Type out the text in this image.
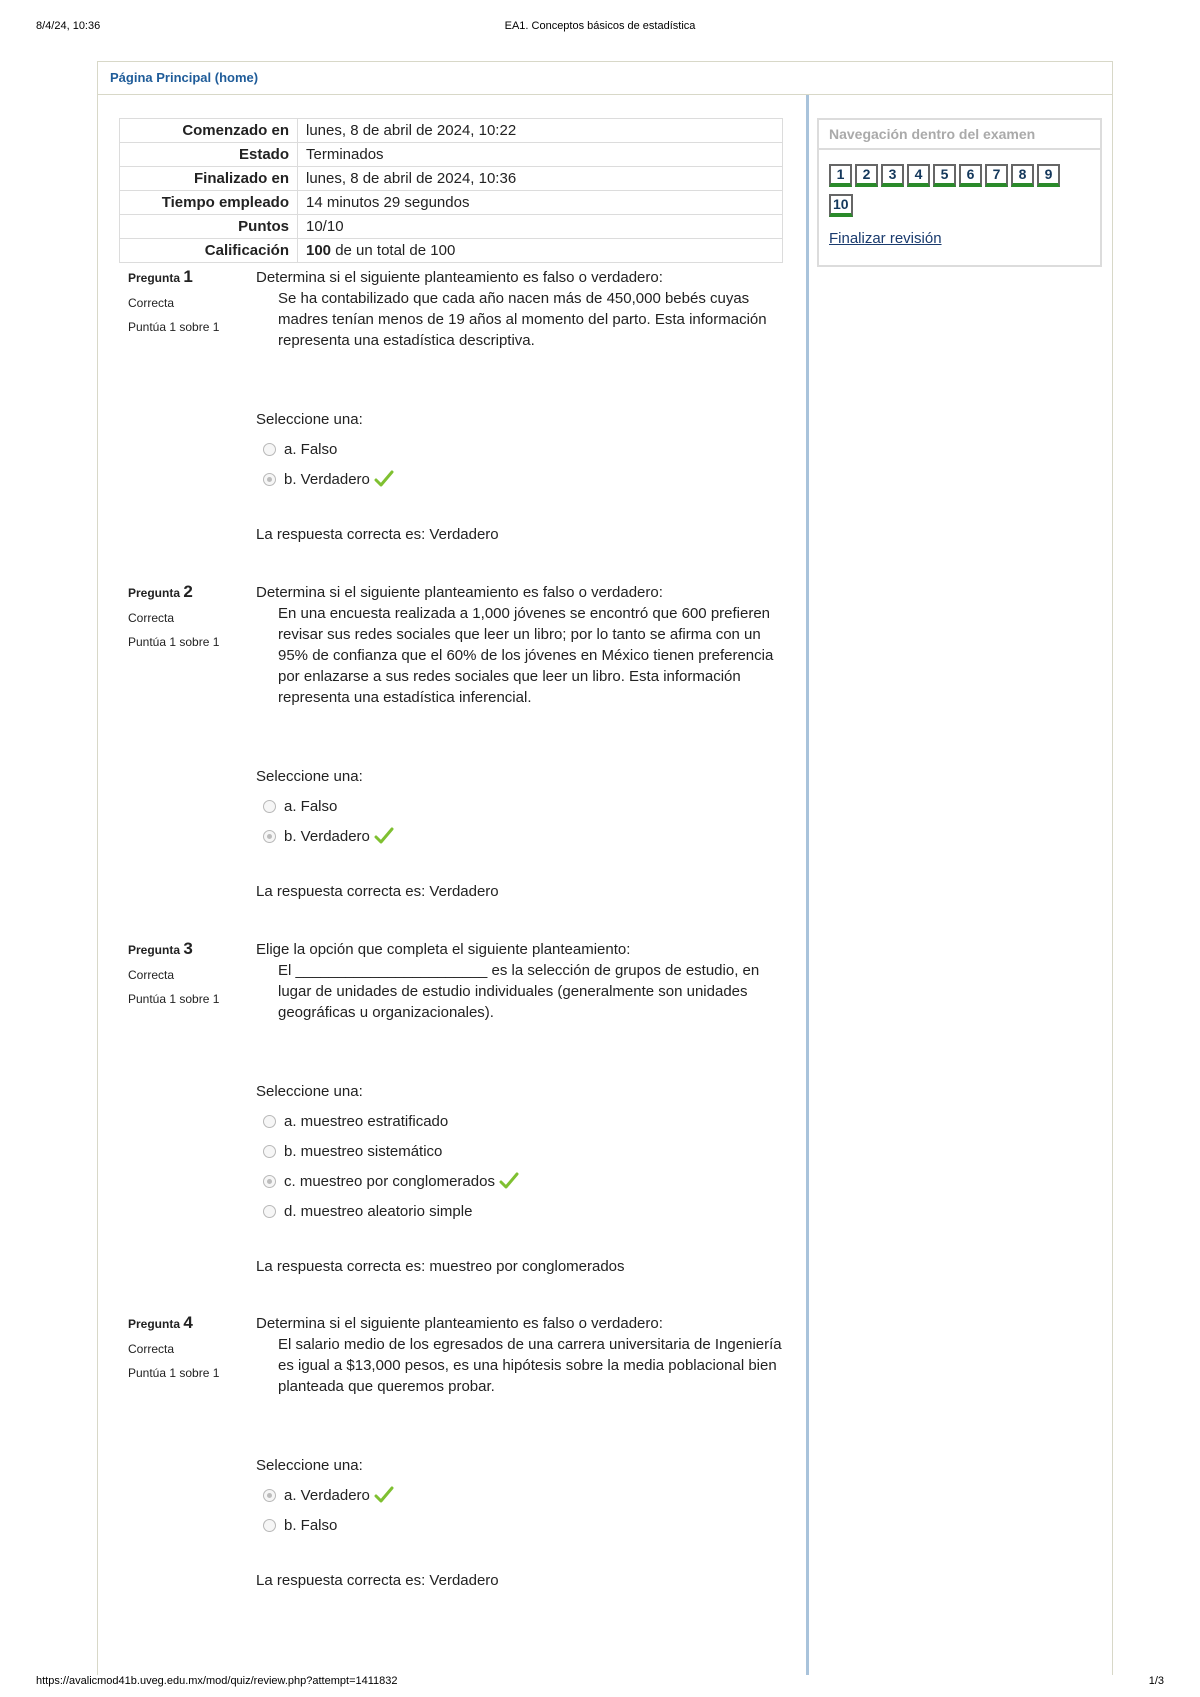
8/4/24, 10:36	EA1. Conceptos básicos de estadística
Página Principal (home)
Comenzado en	lunes, 8 de abril de 2024, 10:22
Estado	Terminados
Finalizado en	lunes, 8 de abril de 2024, 10:36
Tiempo empleado	14 minutos 29 segundos
Puntos	10/10
Calificación	100 de un total de 100
Pregunta 1
Correcta
Puntúa 1 sobre 1

Determina si el siguiente planteamiento es falso o verdadero:

Se ha contabilizado que cada año nacen más de 450,000 bebés cuyas madres tenían menos de 19 años al momento del parto. Esta información representa una estadística descriptiva.

Seleccione una:
a. Falso
b. Verdadero
La respuesta correcta es: Verdadero
Pregunta 2
Correcta
Puntúa 1 sobre 1

Determina si el siguiente planteamiento es falso o verdadero:

En una encuesta realizada a 1,000 jóvenes se encontró que 600 prefieren revisar sus redes sociales que leer un libro; por lo tanto se afirma con un 95% de confianza que el 60% de los jóvenes en México tienen preferencia por enlazarse a sus redes sociales que leer un libro. Esta información representa una estadística inferencial.

Seleccione una:
a. Falso
b. Verdadero
La respuesta correcta es: Verdadero
Pregunta 3
Correcta
Puntúa 1 sobre 1

Elige la opción que completa el siguiente planteamiento:

El _______________________ es la selección de grupos de estudio, en lugar de unidades de estudio individuales (generalmente son unidades geográficas u organizacionales).

Seleccione una:
a. muestreo estratificado
b. muestreo sistemático
c. muestreo por conglomerados
d. muestreo aleatorio simple
La respuesta correcta es: muestreo por conglomerados
Pregunta 4
Correcta
Puntúa 1 sobre 1

Determina si el siguiente planteamiento es falso o verdadero:

El salario medio de los egresados de una carrera universitaria de Ingeniería es igual a $13,000 pesos, es una hipótesis sobre la media poblacional bien planteada que queremos probar.

Seleccione una:
a. Verdadero
b. Falso
La respuesta correcta es: Verdadero
Navegación dentro del examen
1 2 3 4 5 6 7 8 910
Finalizar revisión
https://avalicmod41b.uveg.edu.mx/mod/quiz/review.php?attempt=1411832	1/3
